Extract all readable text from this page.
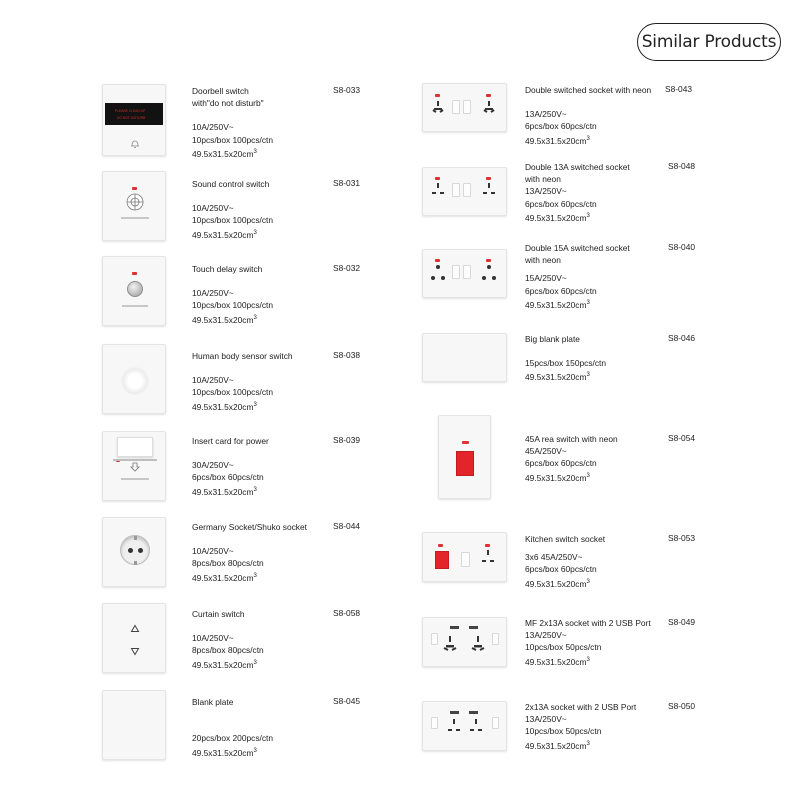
Similar Products
PLEASE CLEAN UP
DO NOT DISTURB
Doorbell switch
with"do not disturb"
10A/250V~
10pcs/box 100pcs/ctn
$49.5x31.5x20cm^3$
S8-033
Sound control switch
10A/250V~
10pcs/box 100pcs/ctn
$49.5x31.5x20cm^3$
S8-031
Touch delay switch
10A/250V~
10pcs/box 100pcs/ctn
$49.5x31.5x20cm^3$
S8-032
Human body sensor switch
10A/250V~
10pcs/box 100pcs/ctn
$49.5x31.5x20cm^3$
S8-038
Insert card for power
30A/250V~
6pcs/box 60pcs/ctn
$49.5x31.5x20cm^3$
S8-039
Germany Socket/Shuko socket
10A/250V~
8pcs/box 80pcs/ctn
$49.5x31.5x20cm^3$
S8-044
Curtain switch
10A/250V~
8pcs/box 80pcs/ctn
$49.5x31.5x20cm^3$
S8-058
Blank plate
20pcs/box 200pcs/ctn
$49.5x31.5x20cm^3$
S8-045
Double switched socket with neon
13A/250V~
6pcs/box 60pcs/ctn
$49.5x31.5x20cm^3$
S8-043
Double 13A switched socket
with neon
13A/250V~
6pcs/box 60pcs/ctn
$49.5x31.5x20cm^3$
S8-048
Double 15A switched socket
with neon
15A/250V~
6pcs/box 60pcs/ctn
$49.5x31.5x20cm^3$
S8-040
Big blank plate
15pcs/box 150pcs/ctn
$49.5x31.5x20cm^3$
S8-046
45A rea switch with neon
45A/250V~
6pcs/box 60pcs/ctn
$49.5x31.5x20cm^3$
S8-054
Kitchen switch socket
3x6 45A/250V~
6pcs/box 60pcs/ctn
$49.5x31.5x20cm^3$
S8-053
MF 2x13A socket with 2 USB Port
13A/250V~
10pcs/box 50pcs/ctn
$49.5x31.5x20cm^3$
S8-049
2x13A socket with 2 USB Port
13A/250V~
10pcs/box 50pcs/ctn
$49.5x31.5x20cm^3$
S8-050
